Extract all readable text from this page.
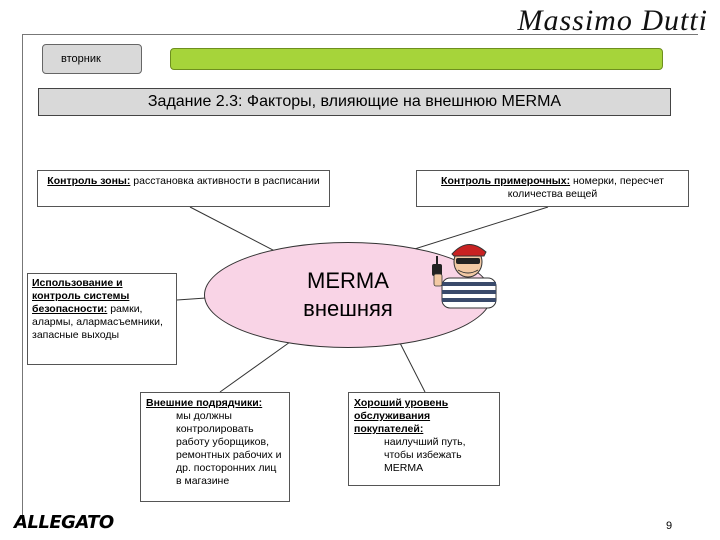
Massimo Dutti
вторник
Задание 2.3: Факторы, влияющие на внешнюю MERMA
Контроль зоны: расстановка активности в расписании	Контроль примерочных: номерки, пересчет количества вещей
Использование и контроль системы безопасности: рамки, алармы, алармасъемники, запасные выходы
MERMA
внешняя
Внешние подрядчики:
мы должны контролировать работу уборщиков, ремонтных рабочих и др. посторонних лиц в магазине
Хороший уровень обслуживания покупателей:
наилучший путь, чтобы избежать MERMA
ALLEGATO	9
